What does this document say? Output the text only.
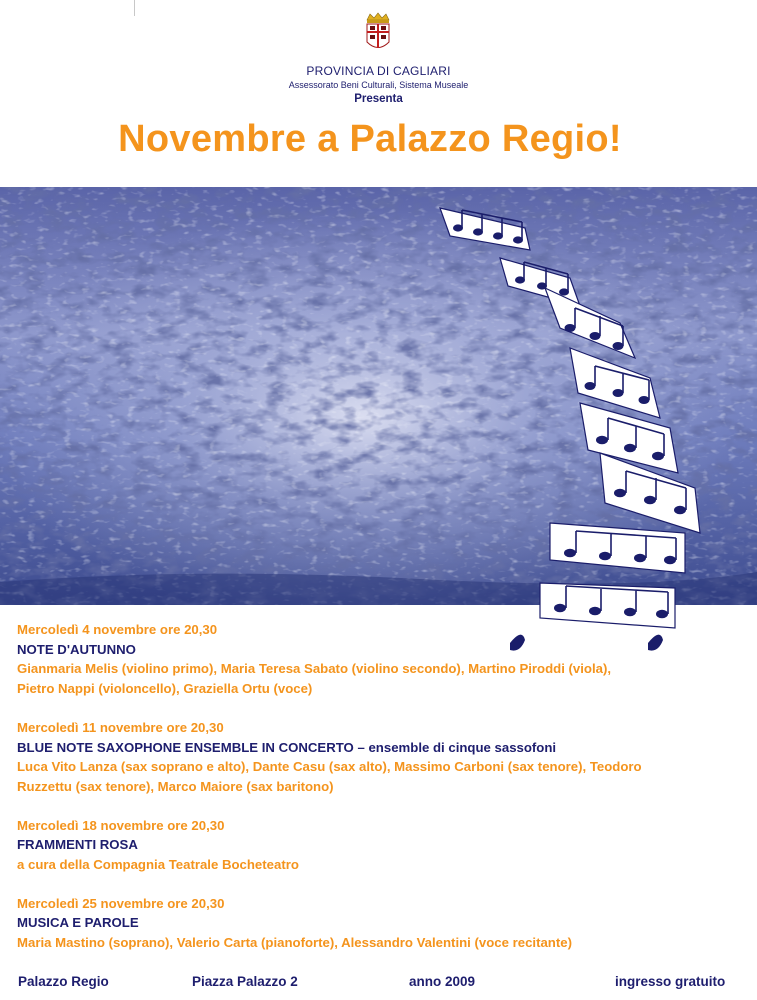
PROVINCIA DI CAGLIARI
Assessorato Beni Culturali, Sistema Museale
Presenta
Novembre a Palazzo Regio!
Mercoledì 4 novembre ore 20,30
NOTE D'AUTUNNO
Gianmaria Melis (violino primo), Maria Teresa Sabato (violino secondo), Martino Piroddi (viola),
Pietro Nappi (violoncello), Graziella Ortu (voce)
Mercoledì 11 novembre ore 20,30
BLUE NOTE SAXOPHONE ENSEMBLE IN CONCERTO – ensemble di cinque sassofoni
Luca Vito Lanza (sax soprano e alto), Dante Casu (sax alto), Massimo Carboni (sax tenore), Teodoro
Ruzzettu (sax tenore), Marco Maiore (sax baritono)
Mercoledì 18 novembre ore 20,30
FRAMMENTI ROSA
a cura della Compagnia Teatrale Bocheteatro
Mercoledì 25 novembre ore 20,30
MUSICA E PAROLE
Maria Mastino (soprano), Valerio Carta (pianoforte), Alessandro Valentini (voce recitante)
Palazzo Regio	Piazza Palazzo 2	anno 2009	ingresso gratuito
